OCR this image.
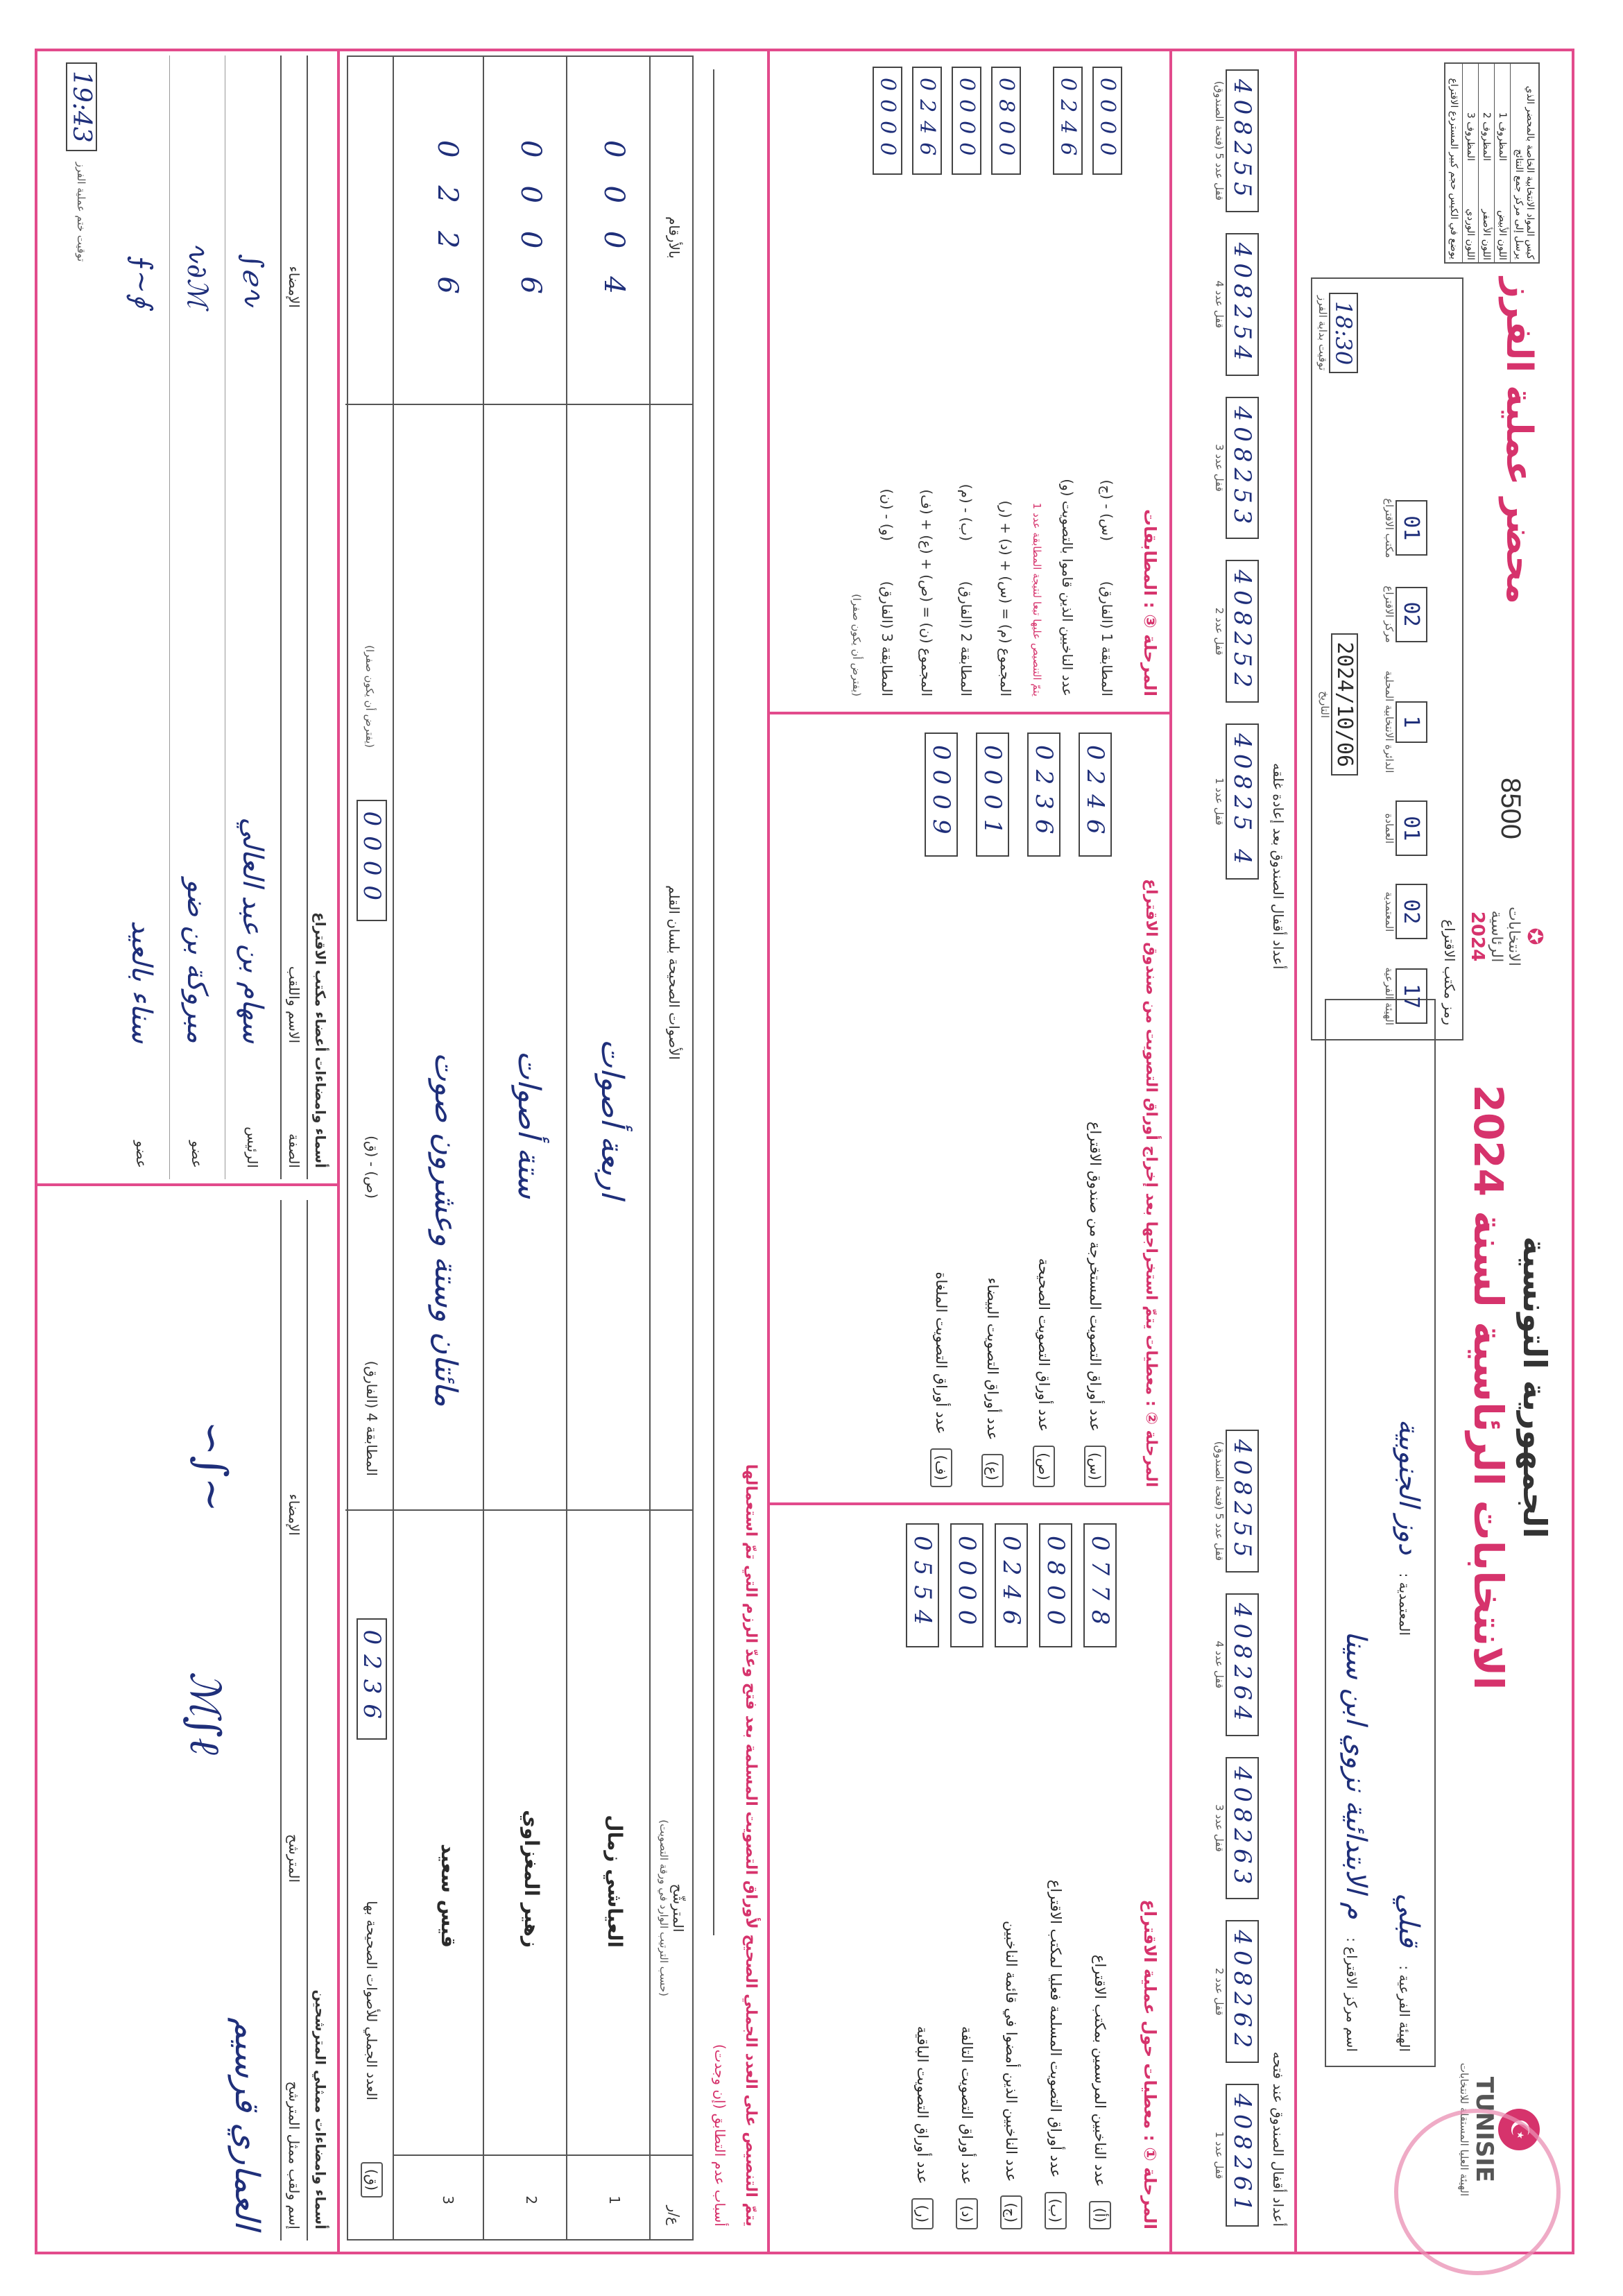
☪
TUNISIE
الهيئة العليا المستقلة للانتخابات
الجمهورية التونسية
الانتخابات الرئاسية لسنة 2024
✪
الانتخابات الرئاسية
2024
8500
محضر عملية الفرز
الهيئة الفرعية : قبلي
المعتمدية : دوز الجنوبية
اسم مركز الاقتراع : م الابتدائية نزوي ابن سينا
رمز مكتب الاقتراع
17
الهيئة الفرعية
02
المعتمدية
01
العمادة
1
الدائرة الانتخابية المحلية
02
مركز الاقتراع
01
مكتب الاقتراع
2024/10/06
التاريخ
18:30
توقيت بداية الفرز
كيس المواد الانتخابية الخاصة بالمحضر الذي يرسل إلى مركز جمع النتائج
اللون الأبيض
المظروف 1
اللون الأصفر
المظروف 2
اللون الوردي
المظروف 3
يوضع في الكيس حجم كبير المستردع الاقتراع
أعداد أقفال الصندوق عند فتحه
408261
قفل عدد 1
408262
قفل عدد 2
408263
قفل عدد 3
408264
قفل عدد 4
408255
قفل عدد 5 (فتحة الصندوق)
أعداد أقفال الصندوق بعد إعادة غلقه
40825 4
قفل عدد 1
408252
قفل عدد 2
408253
قفل عدد 3
408254
قفل عدد 4
408255
قفل عدد 5 (فتحة الصندوق)
المرحلة ① : معطيات حول عملية الاقتراع
(أ)
عدد الناخبين المرسمين بمكتب الاقتراع
0778
(ب)
عدد أوراق التصويت المسلمة فعليا لمكتب الاقتراع
0800
(ج)
عدد الناخبين الذين أمضوا في قائمة الناخبين
0246
(د)
عدد أوراق التصويت التالفة
0000
(ر)
عدد أوراق التصويت الباقية
0554
المرحلة ② : معطيات يتمّ استخراجها بعد إخراج أوراق التصويت من صندوق الاقتراع
(س)
عدد أوراق التصويت المستخرجة من صندوق الاقتراع
0246
(ص)
عدد أوراق التصويت الصحيحة
0236
(ع)
عدد أوراق التصويت البيضاء
0001
(ف)
عدد أوراق التصويت الملغاة
0009
المرحلة ③ : المطابقات
المطابقة 1 (الفارق)
(س) - (ج)
0000
عدد الناخبين الذين قاموا بالتصويت (و)
0246
يتمّ التنصيص عليها تبعا لنتيجة المطابقة عدد 1
المجموع (م) = (س) + (د) + (ر)
0800
المطابقة 2 (الفارق)
(ب) - (م)
0000
المجموع (ن) = (ص) + (ع) + (ف)
0246
المطابقة 3 (الفارق)
(و) - (ن)
0000
(يفترض أن يكون صفرا)
يتمّ التنصيص على العدد الجملي الصحيح لأوراق التصويت المسلمة بعد فتح وعدّ الرزم التي تمّ استعمالها
أسباب عدم التطابق (إن وجدت)
ع/ر
المترشّح
(حسب الترتيب الوارد في ورقة التصويت)
الأصوات الصحيحة بلسان القلم
بالأرقام
1
العياشي زمال
اربعة أصوات
0004
2
زهير المغزاوي
ستة أصوات
0006
3
قيس سعيد
مائتان وستة وعشرون صوت
0226
(ق)
العدد الجملي للأصوات الصحيحة بها
0236
المطابقة 4 (الفارق)
(ص) - (ق)
0000
(يفترض أن يكون صفرا)
أسماء وامضاءات ممثلي المترشحين
إسم ولقب ممثل المترشح
المترشح
الإمضاء
العماري قرسيم
∽∫∼
ℳ∫ℓ
أسماء وامضاءات أعضاء مكتب الاقتراع
الصفة
الاسم واللقب
الإمضاء
الرئيس
سهام بن عبد العالي
∿ℯ∫
عضو
مبروكة بن ضو
ℳ∂∿
عضو
سناء بالعيد
∮∽⨍
توقيت ختم عملية الفرز
19:43
